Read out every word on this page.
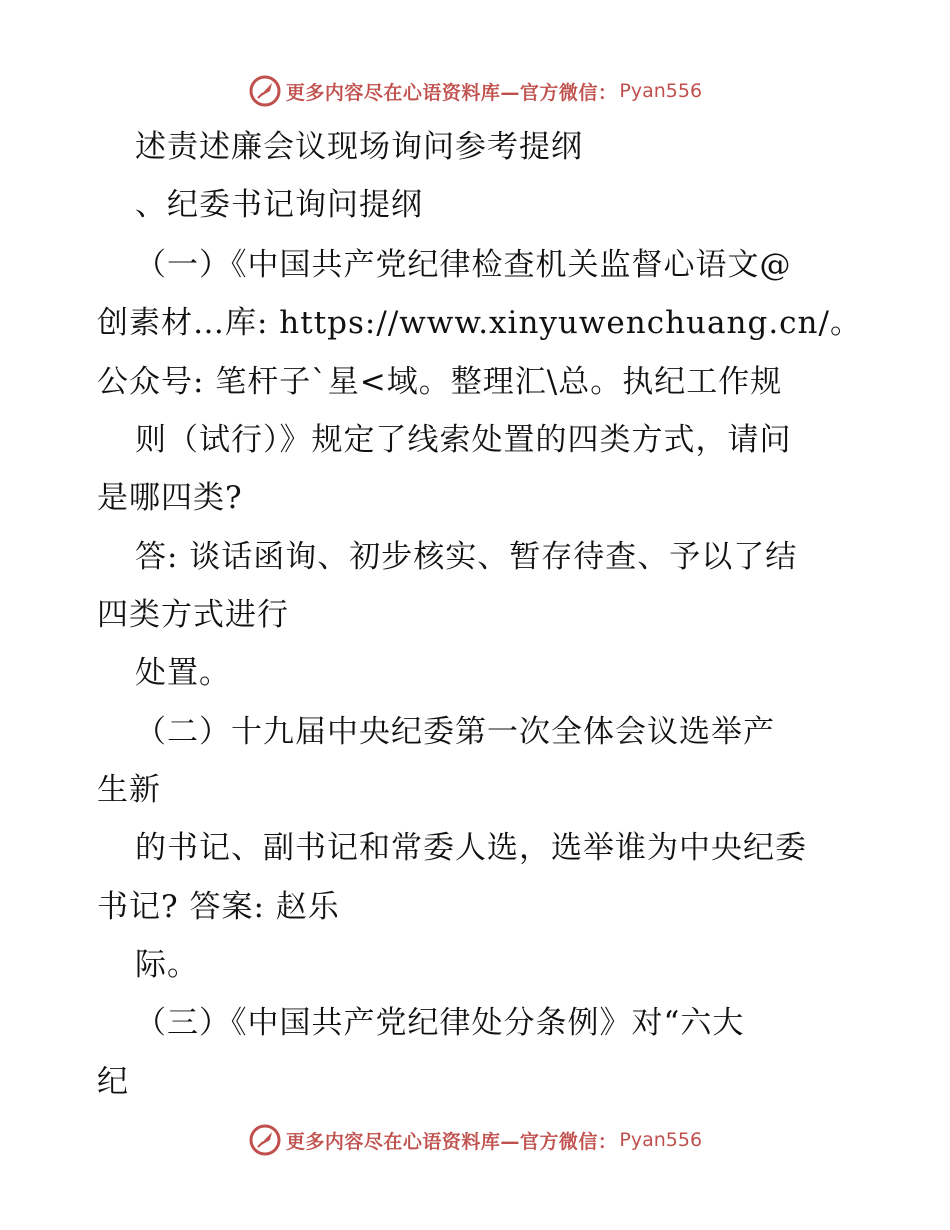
更多内容尽在心语资料库—官方微信： Pyan556
述责述廉会议现场询问参考提纲
、纪委书记询问提纲
（一）《中国共产党纪律检查机关监督心语文@
创素材…库: https://www.xinyuwenchuang.cn/。
公众号: 笔杆子`星<域。整理汇\总。执纪工作规
则（试行）》规定了线索处置的四类方式，请问
是哪四类?
答: 谈话函询、初步核实、暂存待查、予以了结
四类方式进行
处置。
（二）十九届中央纪委第一次全体会议选举产
生新
的书记、副书记和常委人选，选举谁为中央纪委
书记? 答案: 赵乐
际。
（三）《中国共产党纪律处分条例》对“六大
纪
更多内容尽在心语资料库—官方微信： Pyan556
